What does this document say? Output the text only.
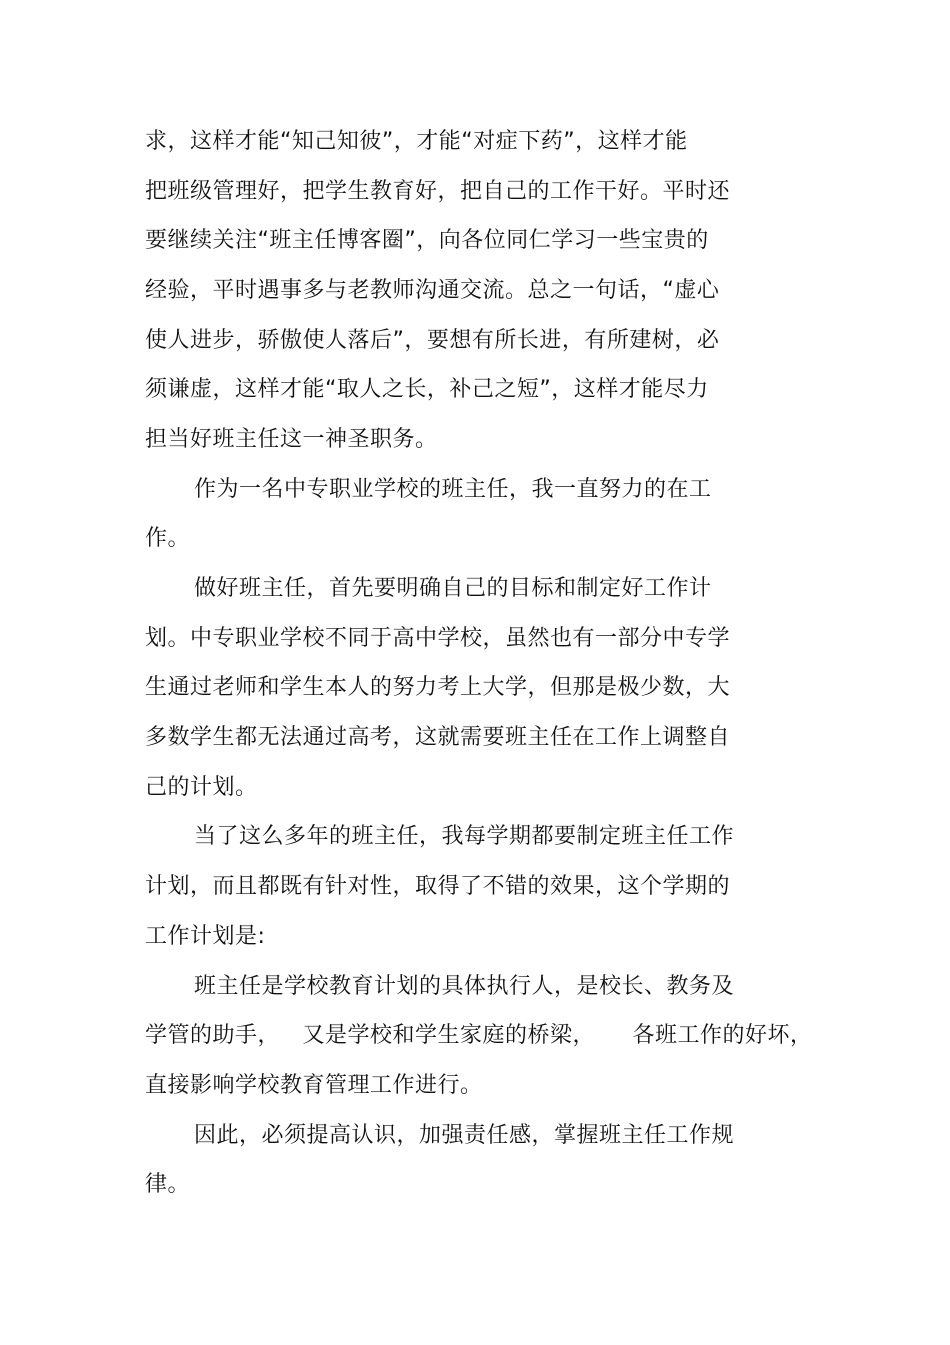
求，这样才能“知己知彼”，才能“对症下药”，这样才能
把班级管理好，把学生教育好，把自己的工作干好。平时还
要继续关注“班主任博客圈”，向各位同仁学习一些宝贵的
经验，平时遇事多与老教师沟通交流。总之一句话，“虚心
使人进步，骄傲使人落后”，要想有所长进，有所建树，必
须谦虚，这样才能“取人之长，补己之短”，这样才能尽力
担当好班主任这一神圣职务。
作为一名中专职业学校的班主任，我一直努力的在工
作。
做好班主任，首先要明确自己的目标和制定好工作计
划。中专职业学校不同于高中学校，虽然也有一部分中专学
生通过老师和学生本人的努力考上大学，但那是极少数，大
多数学生都无法通过高考，这就需要班主任在工作上调整自
己的计划。
当了这么多年的班主任，我每学期都要制定班主任工作
计划，而且都既有针对性，取得了不错的效果，这个学期的
工作计划是:
班主任是学校教育计划的具体执行人，是校长、教务及
学管的助手，   又是学校和学生家庭的桥梁，     各班工作的好坏，
直接影响学校教育管理工作进行。
因此，必须提高认识，加强责任感，掌握班主任工作规
律。
